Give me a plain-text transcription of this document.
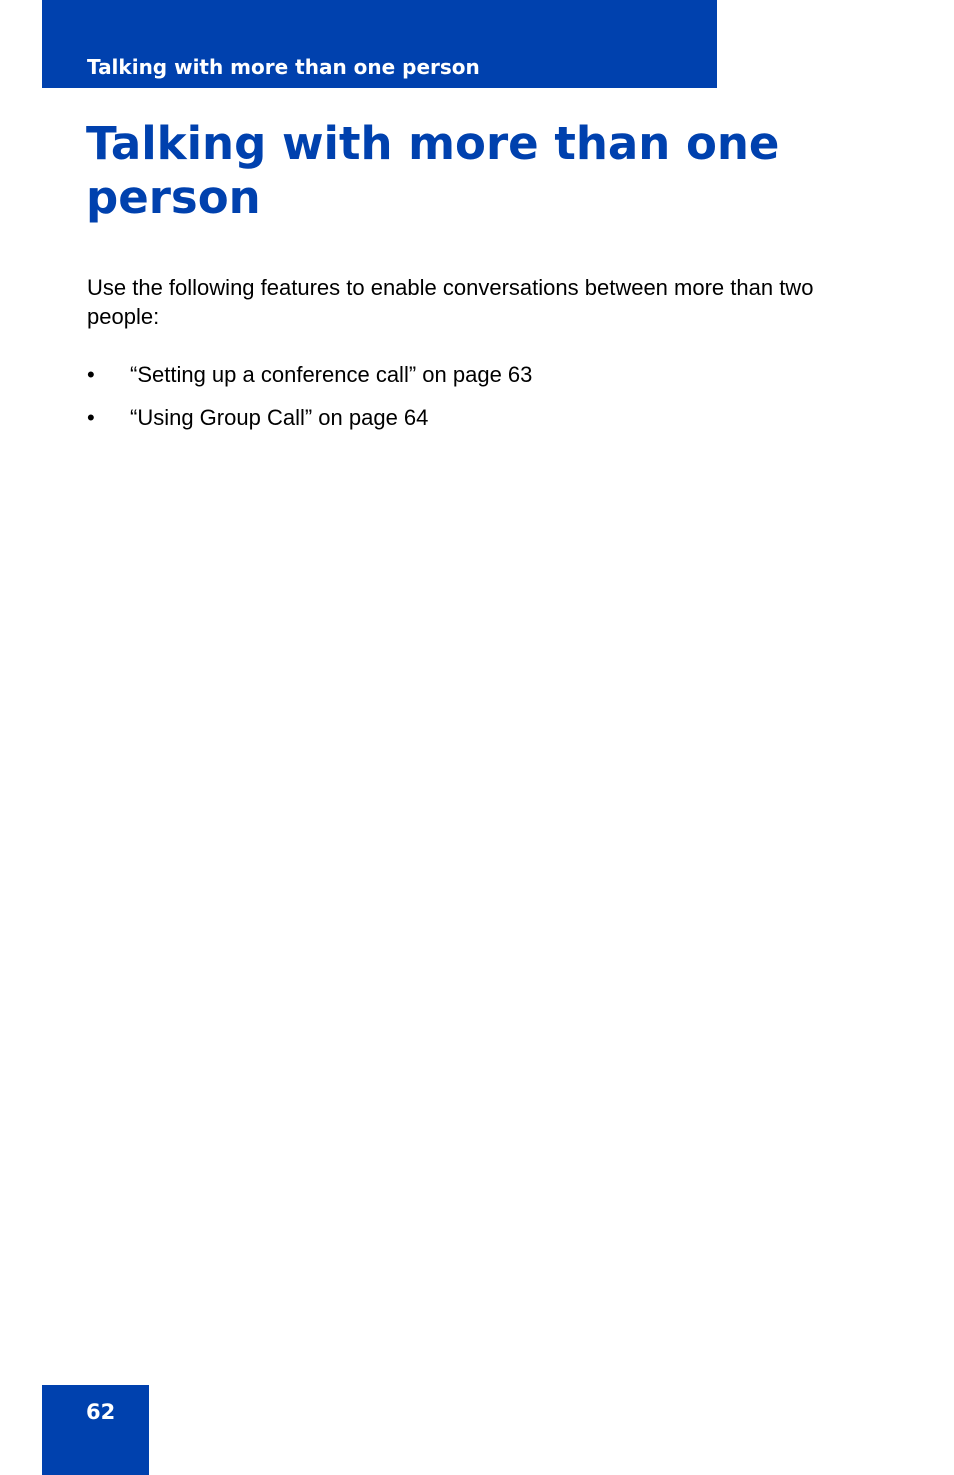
Talking with more than one person
Talking with more than one person

Use the following features to enable conversations between more than two people:

• “Setting up a conference call” on page 63
• “Using Group Call” on page 64
62
